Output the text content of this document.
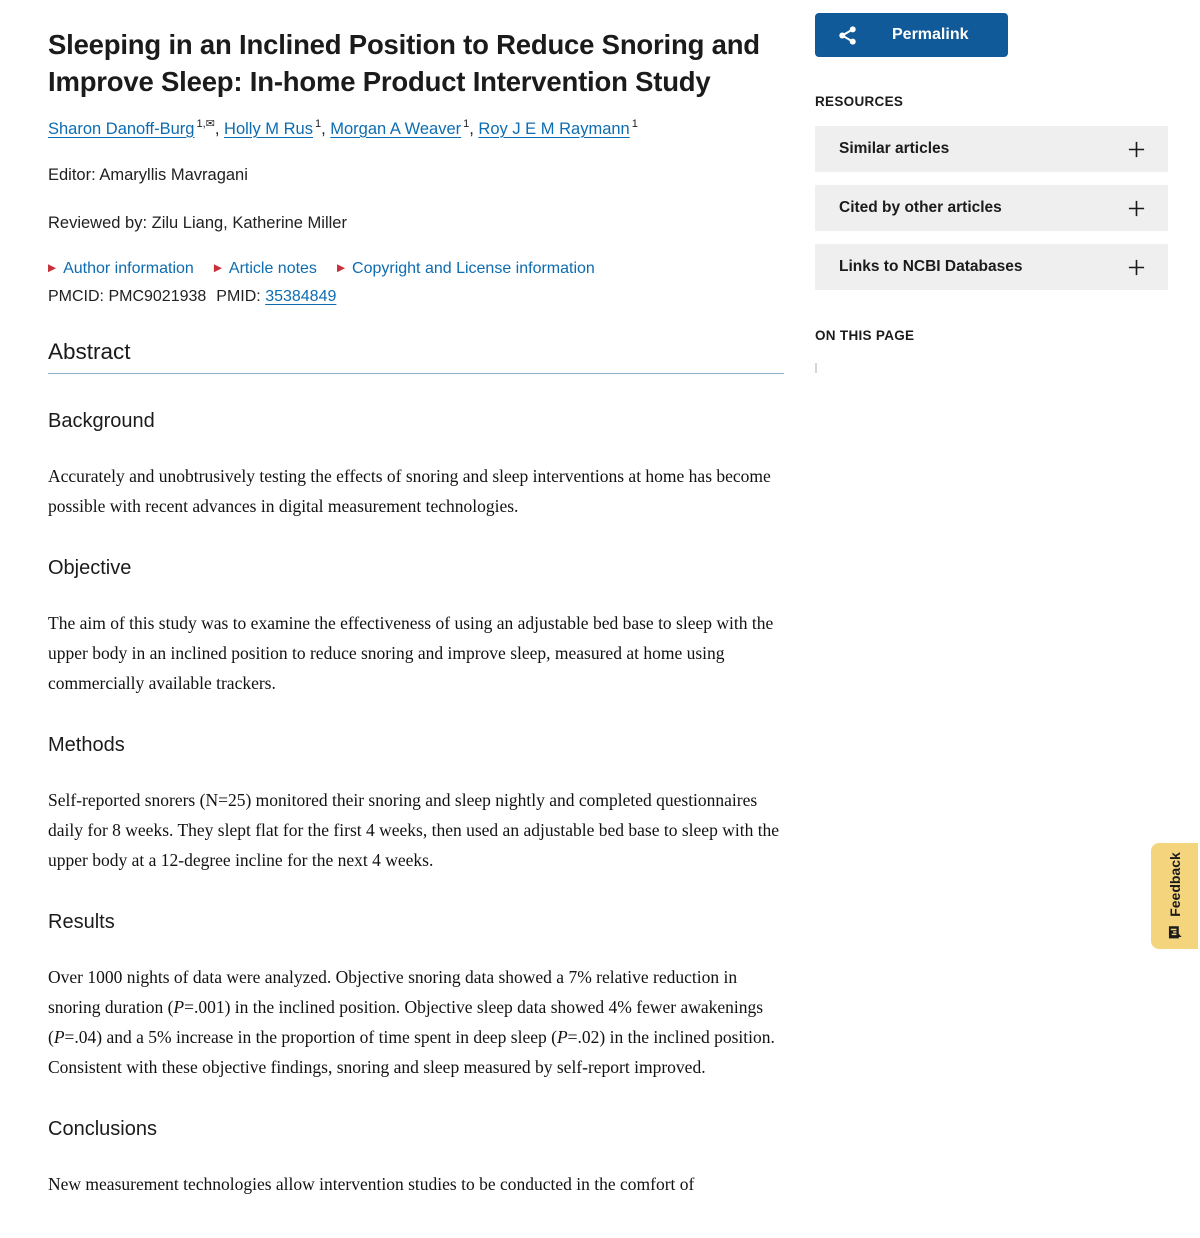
Sleeping in an Inclined Position to Reduce Snoring and Improve Sleep: In-home Product Intervention Study
Sharon Danoff-Burg $^{1,✉}$, Holly M Rus $^1$, Morgan A Weaver $^1$, Roy J E M Raymann $^1$

Editor: Amaryllis Mavragani

Reviewed by: Zilu Liang, Katherine Miller

▶ Author information ▶ Article notes ▶ Copyright and License information

PMCID: PMC9021938 PMID: 35384849

Abstract
Background

Accurately and unobtrusively testing the effects of snoring and sleep interventions at home has become possible with recent advances in digital measurement technologies.

Objective

The aim of this study was to examine the effectiveness of using an adjustable bed base to sleep with the upper body in an inclined position to reduce snoring and improve sleep, measured at home using commercially available trackers.

Methods

Self-reported snorers (N=25) monitored their snoring and sleep nightly and completed questionnaires daily for 8 weeks. They slept flat for the first 4 weeks, then used an adjustable bed base to sleep with the upper body at a 12-degree incline for the next 4 weeks.

Results

Over 1000 nights of data were analyzed. Objective snoring data showed a 7% relative reduction in snoring duration (P=.001) in the inclined position. Objective sleep data showed 4% fewer awakenings (P=.04) and a 5% increase in the proportion of time spent in deep sleep (P=.02) in the inclined position. Consistent with these objective findings, snoring and sleep measured by self-report improved.

Conclusions

New measurement technologies allow intervention studies to be conducted in the comfort of

Permalink
RESOURCES
Similar articles
Cited by other articles
Links to NCBI Databases
ON THIS PAGE
Feedback
